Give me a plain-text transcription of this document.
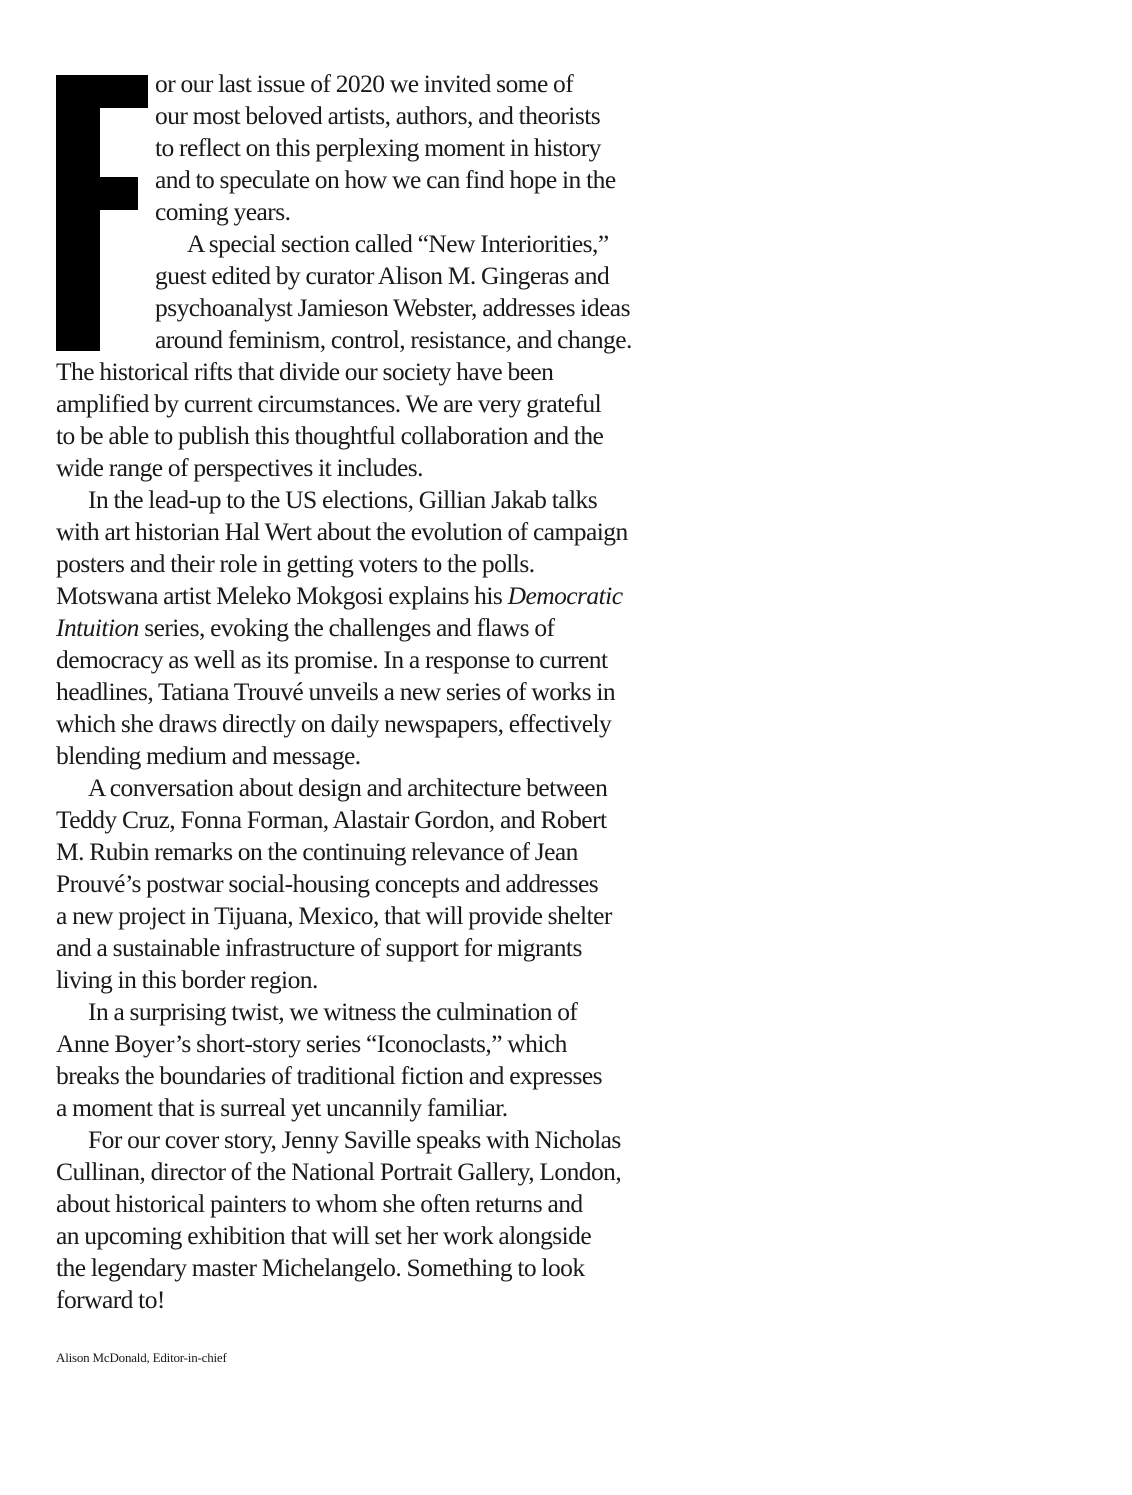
or our last issue of 2020 we invited some of
our most beloved artists, authors, and theorists
to reflect on this perplexing moment in history
and to speculate on how we can find hope in the
coming years.
A special section called “New Interiorities,”
guest edited by curator Alison M. Gingeras and
psychoanalyst Jamieson Webster, addresses ideas
around feminism, control, resistance, and change.
The historical rifts that divide our society have been
amplified by current circumstances. We are very grateful
to be able to publish this thoughtful collaboration and the
wide range of perspectives it includes.
In the lead-up to the US elections, Gillian Jakab talks
with art historian Hal Wert about the evolution of campaign
posters and their role in getting voters to the polls.
Motswana artist Meleko Mokgosi explains his Democratic
Intuition series, evoking the challenges and flaws of
democracy as well as its promise. In a response to current
headlines, Tatiana Trouvé unveils a new series of works in
which she draws directly on daily newspapers, effectively
blending medium and message.
A conversation about design and architecture between
Teddy Cruz, Fonna Forman, Alastair Gordon, and Robert
M. Rubin remarks on the continuing relevance of Jean
Prouvé’s postwar social-housing concepts and addresses
a new project in Tijuana, Mexico, that will provide shelter
and a sustainable infrastructure of support for migrants
living in this border region.
In a surprising twist, we witness the culmination of
Anne Boyer’s short-story series “Iconoclasts,” which
breaks the boundaries of traditional fiction and expresses
a moment that is surreal yet uncannily familiar.
For our cover story, Jenny Saville speaks with Nicholas
Cullinan, director of the National Portrait Gallery, London,
about historical painters to whom she often returns and
an upcoming exhibition that will set her work alongside
the legendary master Michelangelo. Something to look
forward to!
Alison McDonald, Editor-in-chief
